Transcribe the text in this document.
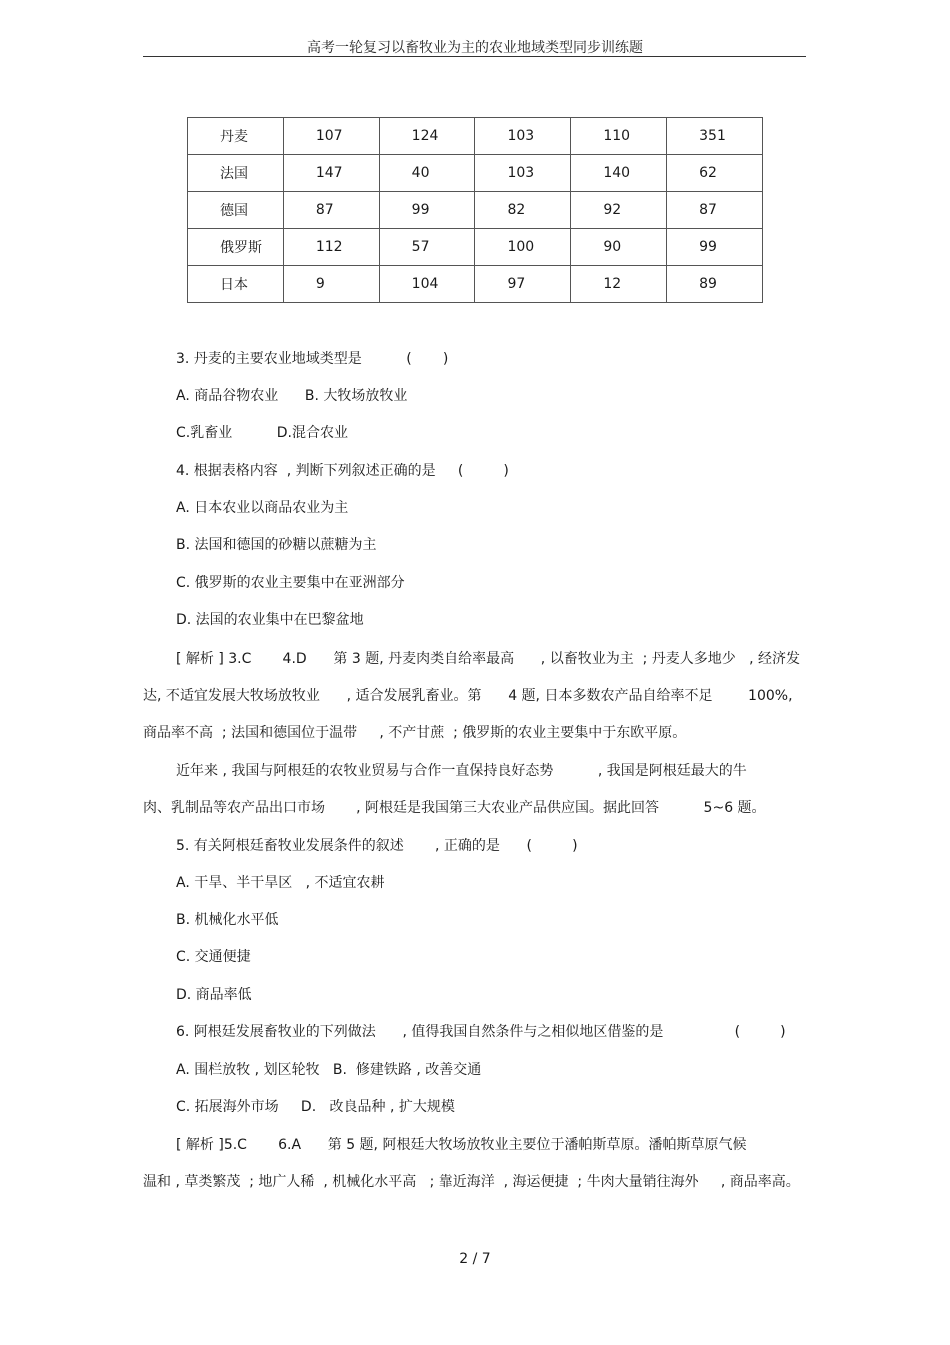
高考一轮复习以畜牧业为主的农业地域类型同步训练题
丹麦	107	124	103	110	351
法国	147	40	103	140	62
德国	87	99	82	92	87
俄罗斯	112	57	100	90	99
日本	9	104	97	12	89
3. 丹麦的主要农业地域类型是          (       )
A. 商品谷物农业      B. 大牧场放牧业
C.乳畜业          D.混合农业
4. 根据表格内容  , 判断下列叙述正确的是     (         )
A. 日本农业以商品农业为主
B. 法国和德国的砂糖以蔗糖为主
C. 俄罗斯的农业主要集中在亚洲部分
D. 法国的农业集中在巴黎盆地
[ 解析 ] 3.C       4.D      第 3 题, 丹麦肉类自给率最高      , 以畜牧业为主  ; 丹麦人多地少   , 经济发
达, 不适宜发展大牧场放牧业      , 适合发展乳畜业。第      4 题, 日本多数农产品自给率不足        100%,
商品率不高  ; 法国和德国位于温带     , 不产甘蔗  ; 俄罗斯的农业主要集中于东欧平原。
近年来 , 我国与阿根廷的农牧业贸易与合作一直保持良好态势          , 我国是阿根廷最大的牛
肉、乳制品等农产品出口市场       , 阿根廷是我国第三大农业产品供应国。据此回答          5~6 题。
5. 有关阿根廷畜牧业发展条件的叙述       , 正确的是      (         )
A. 干旱、半干旱区   , 不适宜农耕
B. 机械化水平低
C. 交通便捷
D. 商品率低
6. 阿根廷发展畜牧业的下列做法      , 值得我国自然条件与之相似地区借鉴的是                (         )
A. 围栏放牧 , 划区轮牧   B.  修建铁路 , 改善交通
C. 拓展海外市场     D.   改良品种 , 扩大规模
[ 解析 ]5.C       6.A      第 5 题, 阿根廷大牧场放牧业主要位于潘帕斯草原。潘帕斯草原气候
温和 , 草类繁茂  ; 地广人稀  , 机械化水平高   ; 靠近海洋  , 海运便捷  ; 牛肉大量销往海外     , 商品率高。
2 / 7
